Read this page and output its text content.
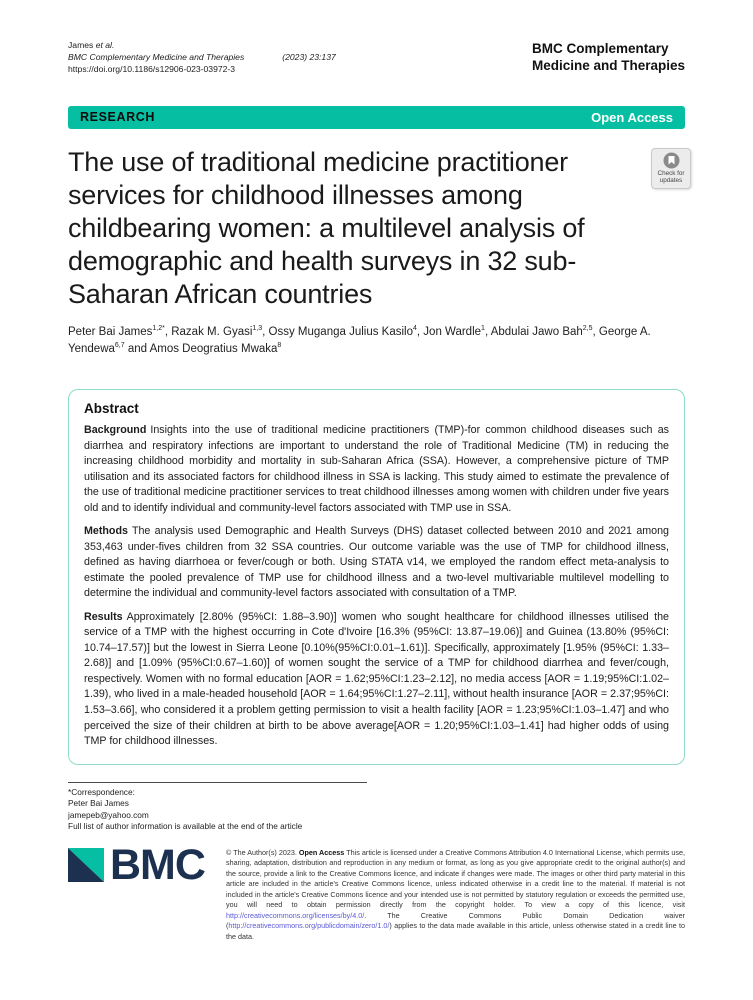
James et al.
BMC Complementary Medicine and Therapies	(2023) 23:137
https://doi.org/10.1186/s12906-023-03972-3
BMC Complementary
Medicine and Therapies
RESEARCH	Open Access
The use of traditional medicine practitioner services for childhood illnesses among childbearing women: a multilevel analysis of demographic and health surveys in 32 sub-Saharan African countries
Check for
updates
Peter Bai James$^{1,2*}$, Razak M. Gyasi$^{1,3}$, Ossy Muganga Julius Kasilo$^4$, Jon Wardle$^1$, Abdulai Jawo Bah$^{2,5}$, George A. Yendewa$^{6,7}$ and Amos Deogratius Mwaka$^8$
Abstract

Background Insights into the use of traditional medicine practitioners (TMP)-for common childhood diseases such as diarrhea and respiratory infections are important to understand the role of Traditional Medicine (TM) in reducing the increasing childhood morbidity and mortality in sub-Saharan Africa (SSA). However, a comprehensive picture of TMP utilisation and its associated factors for childhood illness in SSA is lacking. This study aimed to estimate the prevalence of the use of traditional medicine practitioner services to treat childhood illnesses among women with children under five years old and to identify individual and community-level factors associated with TMP use in SSA.

Methods The analysis used Demographic and Health Surveys (DHS) dataset collected between 2010 and 2021 among 353,463 under-fives children from 32 SSA countries. Our outcome variable was the use of TMP for childhood illness, defined as having diarrhoea or fever/cough or both. Using STATA v14, we employed the random effect meta-analysis to estimate the pooled prevalence of TMP use for childhood illness and a two-level multivariable multilevel modelling to determine the individual and community-level factors associated with consultation of a TMP.

Results Approximately [2.80% (95%CI: 1.88–3.90)] women who sought healthcare for childhood illnesses utilised the service of a TMP with the highest occurring in Cote d'Ivoire [16.3% (95%CI: 13.87–19.06)] and Guinea (13.80% (95%CI: 10.74–17.57)] but the lowest in Sierra Leone [0.10%(95%CI:0.01–1.61)]. Specifically, approximately [1.95% (95%CI: 1.33–2.68)] and [1.09% (95%CI:0.67–1.60)] of women sought the service of a TMP for childhood diarrhea and fever/cough, respectively. Women with no formal education [AOR = 1.62;95%CI:1.23–2.12], no media access [AOR = 1.19;95%CI:1.02–1.39), who lived in a male-headed household [AOR = 1.64;95%CI:1.27–2.11], without health insurance [AOR = 2.37;95%CI: 1.53–3.66], who considered it a problem getting permission to visit a health facility [AOR = 1.23;95%CI:1.03–1.47] and who perceived the size of their children at birth to be above average[AOR = 1.20;95%CI:1.03–1.41] had higher odds of using TMP for childhood illnesses.

*Correspondence:
Peter Bai James
jamepeb@yahoo.com
Full list of author information is available at the end of the article
BMC	© The Author(s) 2023. Open Access This article is licensed under a Creative Commons Attribution 4.0 International License, which permits use, sharing, adaptation, distribution and reproduction in any medium or format, as long as you give appropriate credit to the original author(s) and the source, provide a link to the Creative Commons licence, and indicate if changes were made. The images or other third party material in this article are included in the article's Creative Commons licence, unless indicated otherwise in a credit line to the material. If material is not included in the article's Creative Commons licence and your intended use is not permitted by statutory regulation or exceeds the permitted use, you will need to obtain permission directly from the copyright holder. To view a copy of this licence, visit http://creativecommons.org/licenses/by/4.0/. The Creative Commons Public Domain Dedication waiver (http://creativecommons.org/publicdomain/zero/1.0/) applies to the data made available in this article, unless otherwise stated in a credit line to the data.
